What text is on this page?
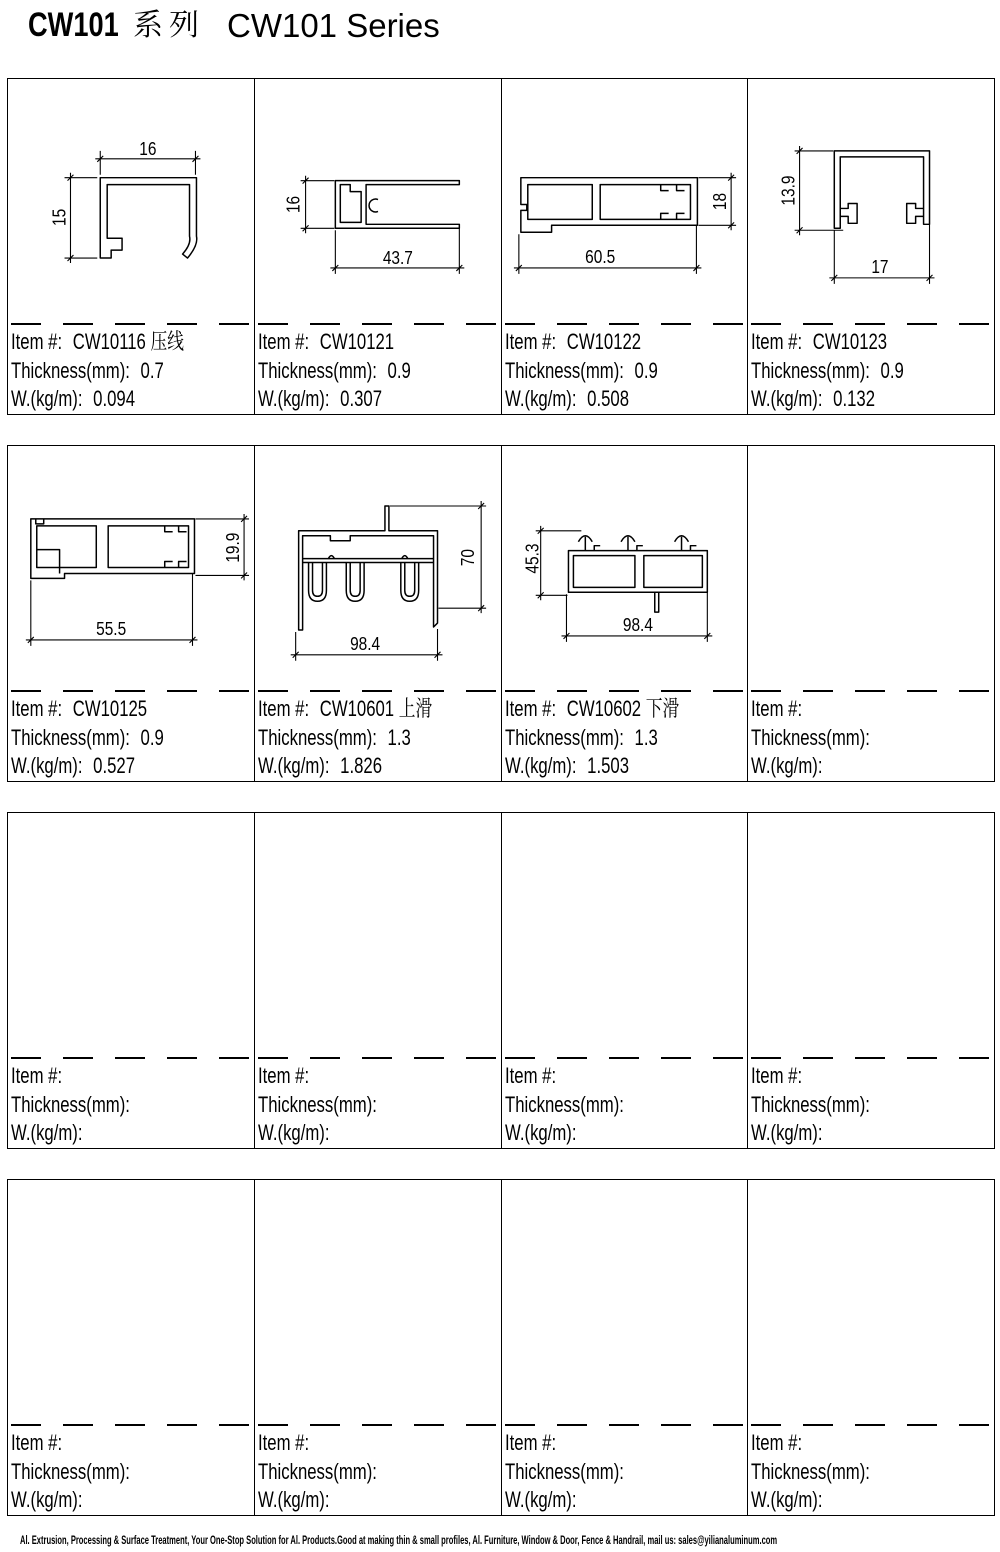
CW101 系列 CW101 Series
16
15
Item #: CW10116 压线
Thickness(mm): 0.7
W.(kg/m): 0.094
16
43.7
Item #: CW10121
Thickness(mm): 0.9
W.(kg/m): 0.307
18
60.5
Item #: CW10122
Thickness(mm): 0.9
W.(kg/m): 0.508
13.9
17
Item #: CW10123
Thickness(mm): 0.9
W.(kg/m): 0.132
19.9
55.5
Item #: CW10125
Thickness(mm): 0.9
W.(kg/m): 0.527
70
98.4
Item #: CW10601 上滑
Thickness(mm): 1.3
W.(kg/m): 1.826
45.3
98.4
Item #: CW10602 下滑
Thickness(mm): 1.3
W.(kg/m): 1.503
Item #:
Thickness(mm):
W.(kg/m):
Item #:
Thickness(mm):
W.(kg/m):
Item #:
Thickness(mm):
W.(kg/m):
Item #:
Thickness(mm):
W.(kg/m):
Item #:
Thickness(mm):
W.(kg/m):
Item #:
Thickness(mm):
W.(kg/m):
Item #:
Thickness(mm):
W.(kg/m):
Item #:
Thickness(mm):
W.(kg/m):
Item #:
Thickness(mm):
W.(kg/m):
Al. Extrusion, Processing & Surface Treatment, Your One-Stop Solution for Al. Products.Good at making thin & small profiles, Al. Furniture, Window & Door, Fence & Handrail, mail us: sales@yilianaluminum.com
